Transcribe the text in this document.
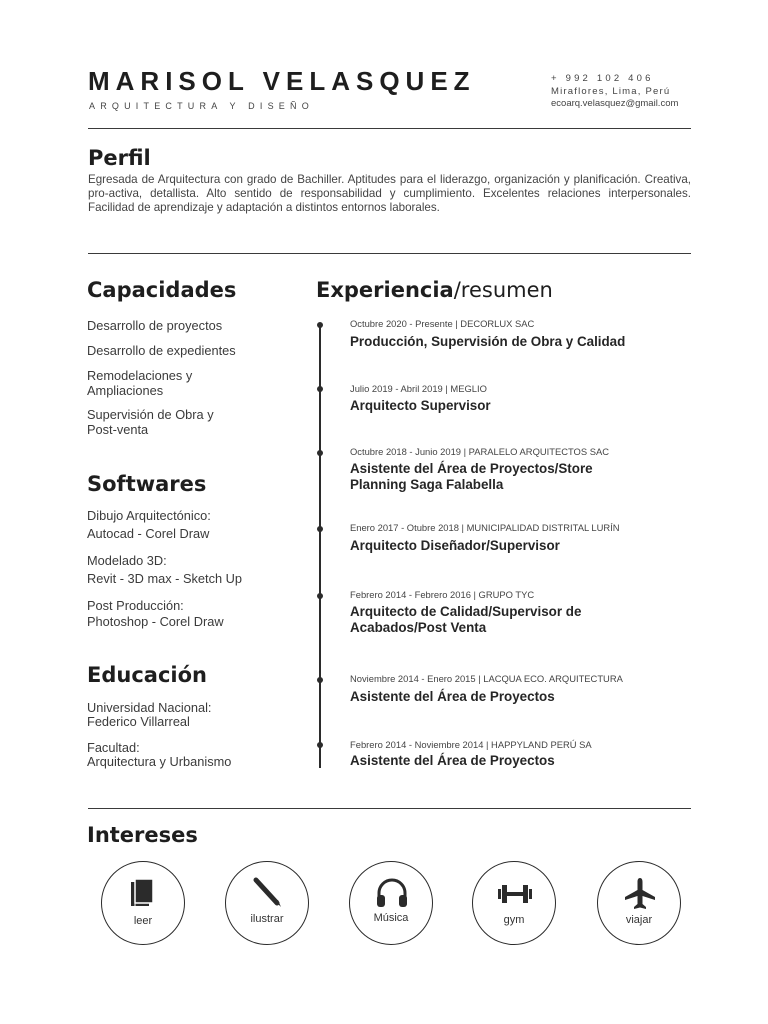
MARISOL VELASQUEZ
ARQUITECTURA Y DISEÑO
+ 992 102 406
Miraflores, Lima, Perú
ecoarq.velasquez@gmail.com
Perfil
Egresada de Arquitectura con grado de Bachiller. Aptitudes para el liderazgo, organización y planificación. Creativa, pro-activa, detallista. Alto sentido de responsabilidad y cumplimiento. Excelentes relaciones interpersonales. Facilidad de aprendizaje y adaptación a distintos entornos laborales.
Capacidades
Desarrollo de proyectos
Desarrollo de expedientes
Remodelaciones y Ampliaciones
Supervisión de Obra y Post-venta
Softwares
Dibujo Arquitectónico:
Autocad - Corel Draw
Modelado 3D:
Revit - 3D max - Sketch Up
Post Producción:
Photoshop - Corel Draw
Educación
Universidad Nacional:
Federico Villarreal
Facultad:
Arquitectura y Urbanismo
Experiencia/resumen
Octubre 2020 - Presente | DECORLUX SAC
Producción, Supervisión de Obra y Calidad
Julio 2019 - Abril 2019 | MEGLIO
Arquitecto Supervisor
Octubre 2018 - Junio 2019 | PARALELO ARQUITECTOS SAC
Asistente del Área de Proyectos/Store Planning Saga Falabella
Enero 2017 - Otubre 2018 | MUNICIPALIDAD DISTRITAL LURÍN
Arquitecto Diseñador/Supervisor
Febrero 2014 - Febrero 2016 | GRUPO TYC
Arquitecto de Calidad/Supervisor de Acabados/Post Venta
Noviembre 2014 - Enero 2015 | LACQUA ECO. ARQUITECTURA
Asistente del Área de Proyectos
Febrero 2014 - Noviembre 2014 | HAPPYLAND PERÚ SA
Asistente del Área de Proyectos
Intereses
leer	ilustrar	Música	gym	viajar
